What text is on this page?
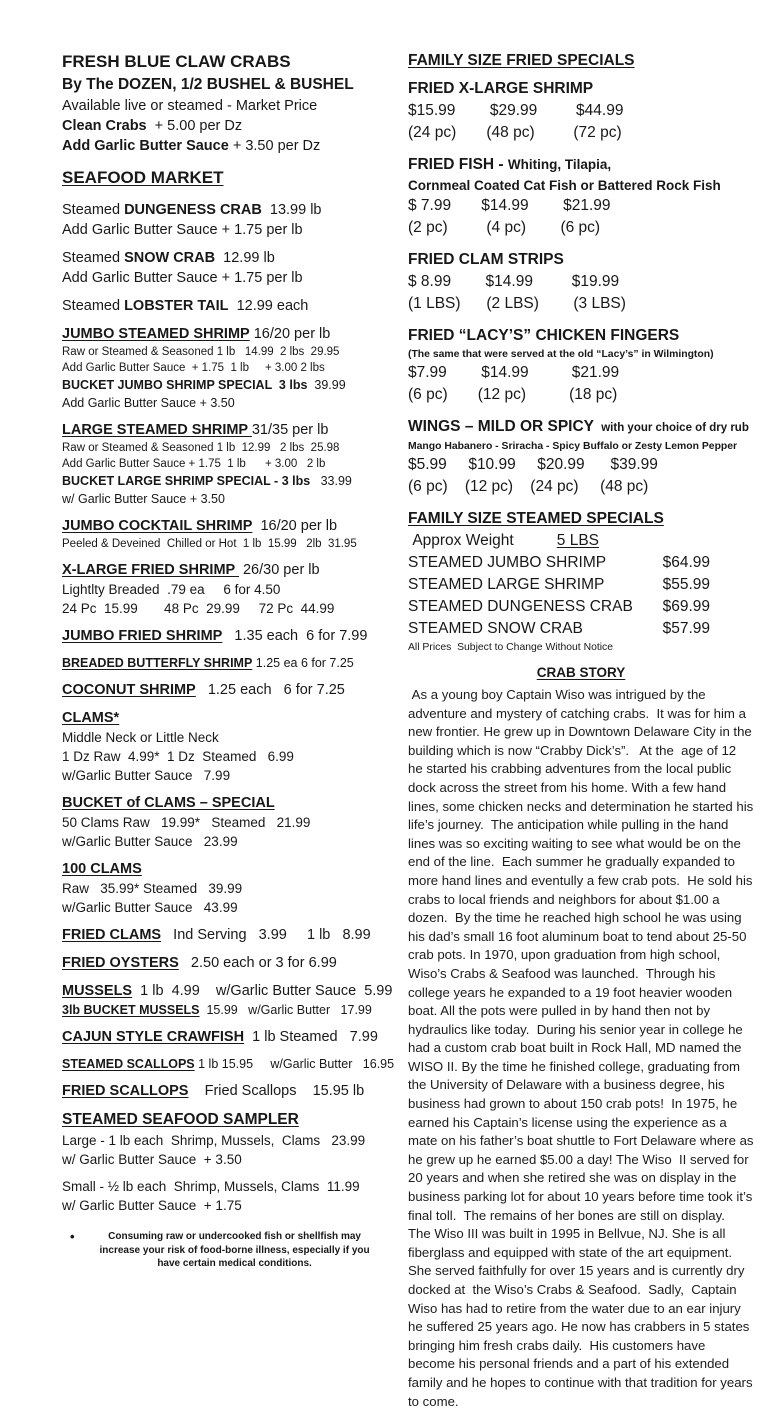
FRESH BLUE CLAW CRABS
By The DOZEN, 1/2 BUSHEL & BUSHEL
Available live or steamed - Market Price
Clean Crabs  + 5.00 per Dz
Add Garlic Butter Sauce + 3.50 per Dz
SEAFOOD MARKET
Steamed DUNGENESS CRAB  13.99 lb
Add Garlic Butter Sauce + 1.75 per lb
Steamed SNOW CRAB  12.99 lb
Add Garlic Butter Sauce + 1.75 per lb
Steamed LOBSTER TAIL  12.99 each
JUMBO STEAMED SHRIMP 16/20 per lb
Raw or Steamed & Seasoned 1 lb   14.99  2 lbs  29.95
Add Garlic Butter Sauce  + 1.75  1 lb     + 3.00 2 lbs
BUCKET JUMBO SHRIMP SPECIAL  3 lbs  39.99
Add Garlic Butter Sauce + 3.50
LARGE STEAMED SHRIMP 31/35 per lb
Raw or Steamed & Seasoned 1 lb  12.99   2 lbs  25.98
Add Garlic Butter Sauce + 1.75  1 lb      + 3.00   2 lb
BUCKET LARGE SHRIMP SPECIAL - 3 lbs   33.99
w/ Garlic Butter Sauce + 3.50
JUMBO COCKTAIL SHRIMP  16/20 per lb
Peeled & Deveined  Chilled or Hot  1 lb  15.99   2lb  31.95
X-LARGE FRIED SHRIMP  26/30 per lb
Lightlty Breaded  .79 ea     6 for 4.50
24 Pc  15.99       48 Pc  29.99     72 Pc  44.99
JUMBO FRIED SHRIMP   1.35 each  6 for 7.99
BREADED BUTTERFLY SHRIMP 1.25 ea 6 for 7.25
COCONUT SHRIMP   1.25 each   6 for 7.25
CLAMS*
Middle Neck or Little Neck
1 Dz Raw  4.99*  1 Dz  Steamed   6.99
w/Garlic Butter Sauce   7.99
BUCKET of CLAMS – SPECIAL
50 Clams Raw   19.99*   Steamed   21.99
w/Garlic Butter Sauce   23.99
100 CLAMS
Raw   35.99* Steamed   39.99
w/Garlic Butter Sauce   43.99
FRIED CLAMS   Ind Serving   3.99     1 lb   8.99
FRIED OYSTERS   2.50 each or 3 for 6.99
MUSSELS  1 lb  4.99    w/Garlic Butter Sauce  5.99
3lb BUCKET MUSSELS  15.99   w/Garlic Butter   17.99
CAJUN STYLE CRAWFISH  1 lb Steamed   7.99
STEAMED SCALLOPS 1 lb 15.95     w/Garlic Butter   16.95
FRIED SCALLOPS    Fried Scallops    15.95 lb
STEAMED SEAFOOD SAMPLER
Large - 1 lb each  Shrimp, Mussels,  Clams   23.99
w/ Garlic Butter Sauce  + 3.50
Small - ½ lb each  Shrimp, Mussels, Clams  11.99
w/ Garlic Butter Sauce  + 1.75
•	Consuming raw or undercooked fish or shellfish may increase your risk of food-borne illness, especially if you have certain medical conditions.
FAMILY SIZE FRIED SPECIALS
FRIED X-LARGE SHRIMP
$15.99        $29.99         $44.99
(24 pc)       (48 pc)         (72 pc)
FRIED FISH - Whiting, Tilapia,
Cornmeal Coated Cat Fish or Battered Rock Fish
$ 7.99       $14.99        $21.99
(2 pc)         (4 pc)        (6 pc)
FRIED CLAM STRIPS
$ 8.99        $14.99         $19.99
(1 LBS)      (2 LBS)        (3 LBS)
FRIED “LACY’S” CHICKEN FINGERS
(The same that were served at the old “Lacy’s” in Wilmington)
$7.99        $14.99          $21.99
(6 pc)       (12 pc)          (18 pc)
WINGS – MILD OR SPICY  with your choice of dry rub
Mango Habanero - Sriracha - Spicy Buffalo or Zesty Lemon Pepper
$5.99     $10.99     $20.99      $39.99
(6 pc)    (12 pc)    (24 pc)     (48 pc)
FAMILY SIZE STEAMED SPECIALS
Approx Weight          5 LBS
STEAMED JUMBO SHRIMP	$64.99
STEAMED LARGE SHRIMP	$55.99
STEAMED DUNGENESS CRAB $69.99
STEAMED SNOW CRAB	$57.99
All Prices  Subject to Change Without Notice
CRAB STORY
As a young boy Captain Wiso was intrigued by the adventure and mystery of catching crabs.  It was for him a new frontier. He grew up in Downtown Delaware City in the building which is now “Crabby Dick’s”.   At the  age of 12 he started his crabbing adventures from the local public dock across the street from his home. With a few hand lines, some chicken necks and determination he started his life’s journey.  The anticipation while pulling in the hand lines was so exciting waiting to see what would be on the end of the line.  Each summer he gradually expanded to more hand lines and eventully a few crab pots.  He sold his crabs to local friends and neighbors for about $1.00 a dozen.  By the time he reached high school he was using his dad’s small 16 foot aluminum boat to tend about 25-50 crab pots. In 1970, upon graduation from high school, Wiso’s Crabs & Seafood was launched.  Through his college years he expanded to a 19 foot heavier wooden boat. All the pots were pulled in by hand then not by hydraulics like today.  During his senior year in college he had a custom crab boat built in Rock Hall, MD named the WISO II. By the time he finished college, graduating from the University of Delaware with a business degree, his business had grown to about 150 crab pots!  In 1975, he earned his Captain’s license using the experience as a mate on his father’s boat shuttle to Fort Delaware where as he grew up he earned $5.00 a day! The Wiso  II served for 20 years and when she retired she was on display in the business parking lot for about 10 years before time took it’s final toll.  The remains of her bones are still on display.  The Wiso III was built in 1995 in Bellvue, NJ. She is all fiberglass and equipped with state of the art equipment.  She served faithfully for over 15 years and is currently dry docked at  the Wiso’s Crabs & Seafood.  Sadly,  Captain Wiso has had to retire from the water due to an ear injury he suffered 25 years ago. He now has crabbers in 5 states bringing him fresh crabs daily.  His customers have become his personal friends and a part of his extended family and he hopes to continue with that tradition for years to come.
